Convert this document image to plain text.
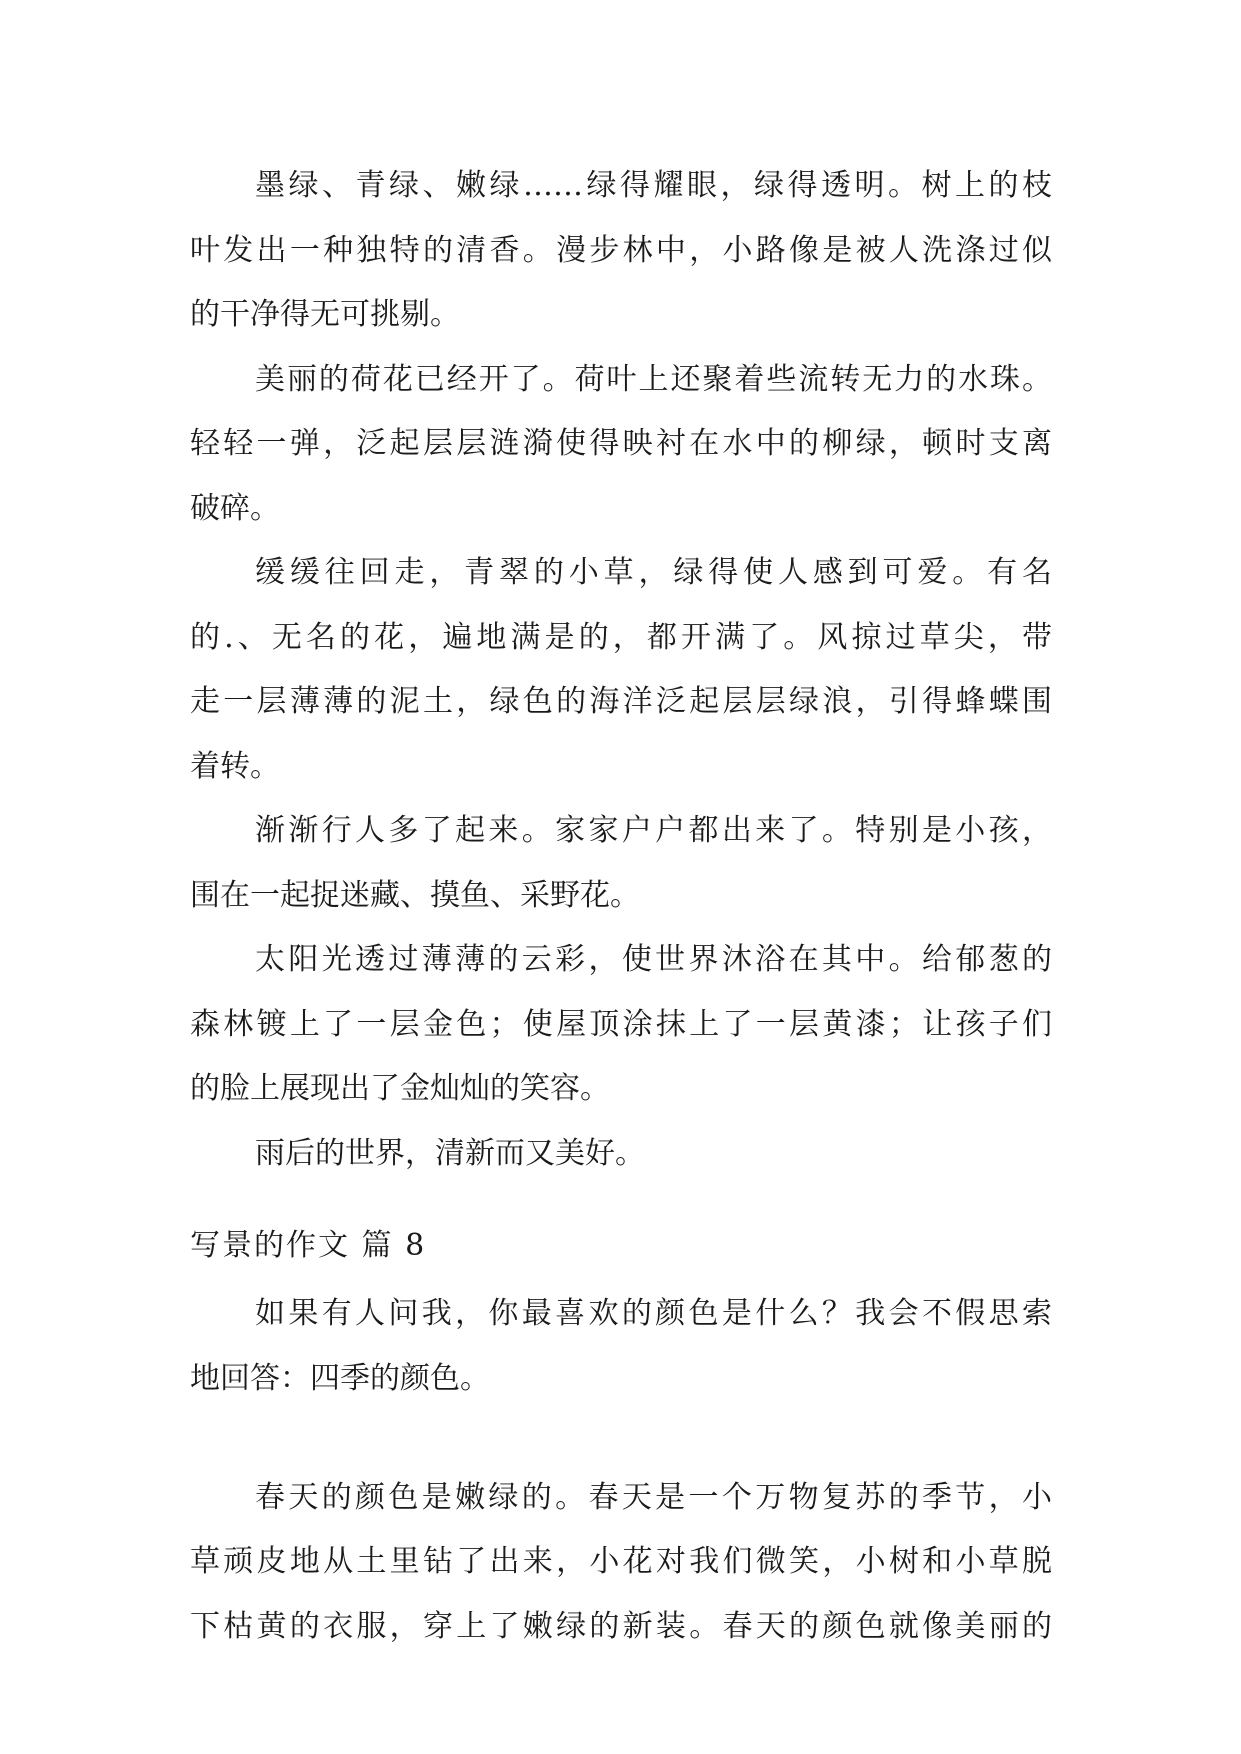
墨绿、青绿、嫩绿……绿得耀眼，绿得透明。树上的枝
叶发出一种独特的清香。漫步林中，小路像是被人洗涤过似
的干净得无可挑剔。
美丽的荷花已经开了。荷叶上还聚着些流转无力的水珠。
轻轻一弹，泛起层层涟漪使得映衬在水中的柳绿，顿时支离
破碎。
缓缓往回走，青翠的小草，绿得使人感到可爱。有名
的.、无名的花，遍地满是的，都开满了。风掠过草尖，带
走一层薄薄的泥土，绿色的海洋泛起层层绿浪，引得蜂蝶围
着转。
渐渐行人多了起来。家家户户都出来了。特别是小孩，
围在一起捉迷藏、摸鱼、采野花。
太阳光透过薄薄的云彩，使世界沐浴在其中。给郁葱的
森林镀上了一层金色；使屋顶涂抹上了一层黄漆；让孩子们
的脸上展现出了金灿灿的笑容。
雨后的世界，清新而又美好。
写景的作文 篇 8
如果有人问我，你最喜欢的颜色是什么？我会不假思索
地回答：四季的颜色。
春天的颜色是嫩绿的。春天是一个万物复苏的季节，小
草顽皮地从土里钻了出来，小花对我们微笑，小树和小草脱
下枯黄的衣服，穿上了嫩绿的新装。春天的颜色就像美丽的
